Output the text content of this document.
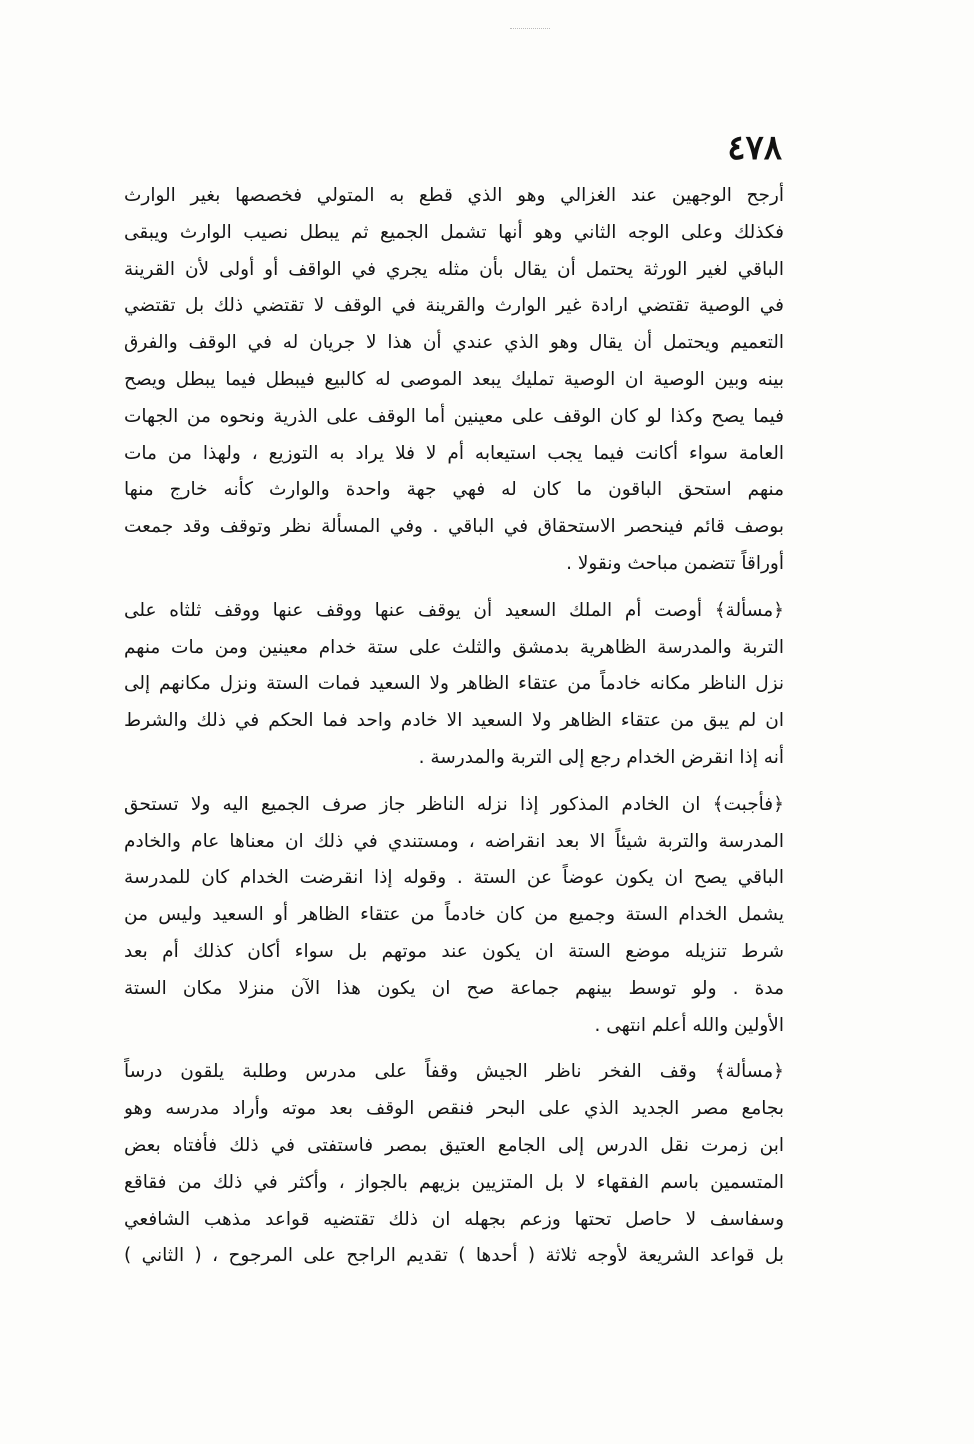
٤٧٨
أرجح الوجهين عند الغزالي وهو الذي قطع به المتولي فخصصها بغير الوارث
فكذلك وعلى الوجه الثاني وهو أنها تشمل الجميع ثم يبطل نصيب الوارث ويبقى
الباقي لغير الورثة يحتمل أن يقال بأن مثله يجري في الواقف أو أولى لأن القرينة
في الوصية تقتضي ارادة غير الوارث والقرينة في الوقف لا تقتضي ذلك بل تقتضي
التعميم ويحتمل أن يقال وهو الذي عندي أن هذا لا جريان له في الوقف والفرق
بينه وبين الوصية ان الوصية تمليك يبعد الموصى له كالبيع فيبطل فيما يبطل ويصح
فيما يصح وكذا لو كان الوقف على معينين أما الوقف على الذرية ونحوه من الجهات
العامة سواء أكانت فيما يجب استيعابه أم لا فلا يراد به التوزيع ، ولهذا من مات
منهم استحق الباقون ما كان له فهي جهة واحدة والوارث كأنه خارج منها
بوصف قائم فينحصر الاستحقاق في الباقي . وفي المسألة نظر وتوقف وقد جمعت
أوراقاً تتضمن مباحث ونقولا .
﴿مسألة﴾ أوصت أم الملك السعيد أن يوقف عنها ووقف عنها ووقف ثلثاه على
التربة والمدرسة الظاهرية بدمشق والثلث على ستة خدام معينين ومن مات منهم
نزل الناظر مكانه خادماً من عتقاء الظاهر ولا السعيد فمات الستة ونزل مكانهم إلى
ان لم يبق من عتقاء الظاهر ولا السعيد الا خادم واحد فما الحكم في ذلك والشرط
أنه إذا انقرض الخدام رجع إلى التربة والمدرسة .
﴿فأجبت﴾ ان الخادم المذكور إذا نزله الناظر جاز صرف الجميع اليه ولا تستحق
المدرسة والتربة شيئاً الا بعد انقراضه ، ومستندي في ذلك ان معناها عام والخادم
الباقي يصح ان يكون عوضاً عن الستة . وقوله إذا انقرضت الخدام كان للمدرسة
يشمل الخدام الستة وجميع من كان خادماً من عتقاء الظاهر أو السعيد وليس من
شرط تنزيله موضع الستة ان يكون عند موتهم بل سواء أكان كذلك أم بعد
مدة . ولو توسط بينهم جماعة صح ان يكون هذا الآن منزلا مكان الستة
الأولين والله أعلم انتهى .
﴿مسألة﴾ وقف الفخر ناظر الجيش وقفاً على مدرس وطلبة يلقون درساً
بجامع مصر الجديد الذي على البحر فنقص الوقف بعد موته وأراد مدرسه وهو
ابن زمرت نقل الدرس إلى الجامع العتيق بمصر فاستفتى في ذلك فأفتاه بعض
المتسمين باسم الفقهاء لا بل المتزيين بزيهم بالجواز ، وأكثر في ذلك من فقاقع
وسفاسف لا حاصل تحتها وزعم بجهله ان ذلك تقتضيه قواعد مذهب الشافعي
بل قواعد الشريعة لأوجه ثلاثة ( أحدها ) تقديم الراجح على المرجوح ، ( الثاني )
